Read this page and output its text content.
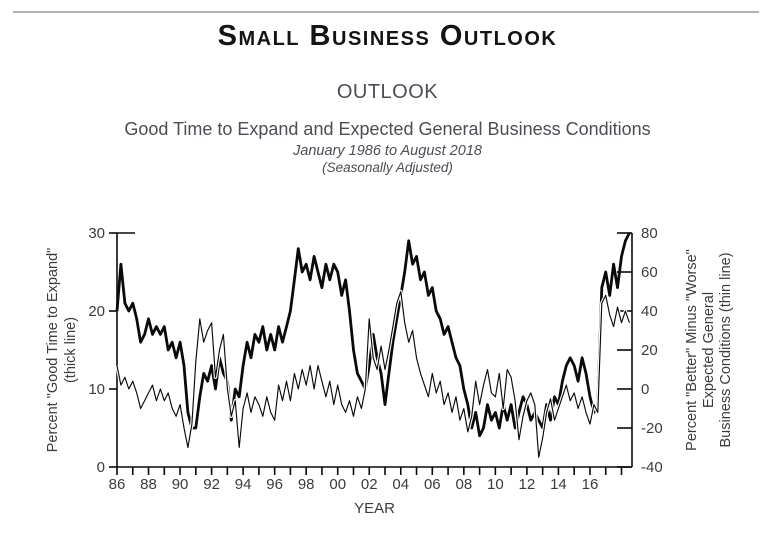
Small Business Outlook
OUTLOOK
Good Time to Expand and Expected General Business Conditions
January 1986 to August 2018
(Seasonally Adjusted)
0
10
20
30	80
60
40
20
0
-20
-40
86 88 90 92 94 96 98 00 02 04 06 08 10 12 14 16
YEAR
Percent "Good Time to Expand" (thick line)	Percent "Better" Minus "Worse"Expected GeneralBusiness Conditions (thin line)
